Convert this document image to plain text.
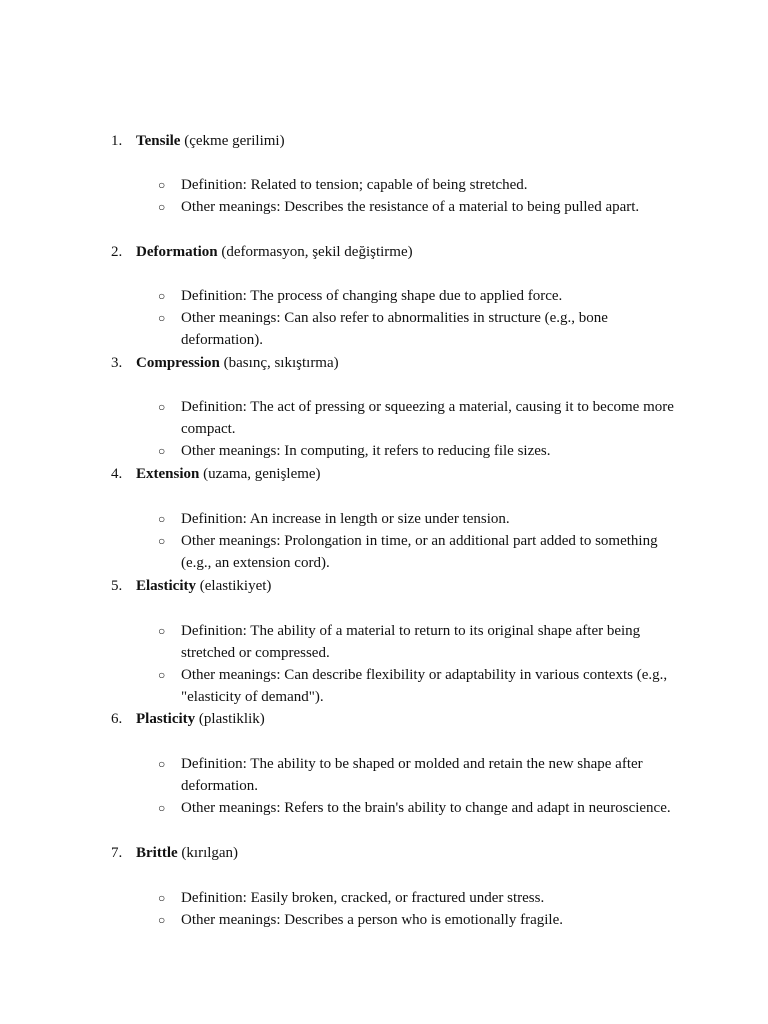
1. Tensile (çekme gerilimi)
○ Definition: Related to tension; capable of being stretched.
○ Other meanings: Describes the resistance of a material to being pulled apart.
2. Deformation (deformasyon, şekil değiştirme)
○ Definition: The process of changing shape due to applied force.
○ Other meanings: Can also refer to abnormalities in structure (e.g., bone deformation).
3. Compression (basınç, sıkıştırma)
○ Definition: The act of pressing or squeezing a material, causing it to become more compact.
○ Other meanings: In computing, it refers to reducing file sizes.
4. Extension (uzama, genişleme)
○ Definition: An increase in length or size under tension.
○ Other meanings: Prolongation in time, or an additional part added to something (e.g., an extension cord).
5. Elasticity (elastikiyet)
○ Definition: The ability of a material to return to its original shape after being stretched or compressed.
○ Other meanings: Can describe flexibility or adaptability in various contexts (e.g., "elasticity of demand").
6. Plasticity (plastiklik)
○ Definition: The ability to be shaped or molded and retain the new shape after deformation.
○ Other meanings: Refers to the brain's ability to change and adapt in neuroscience.
7. Brittle (kırılgan)
○ Definition: Easily broken, cracked, or fractured under stress.
○ Other meanings: Describes a person who is emotionally fragile.
